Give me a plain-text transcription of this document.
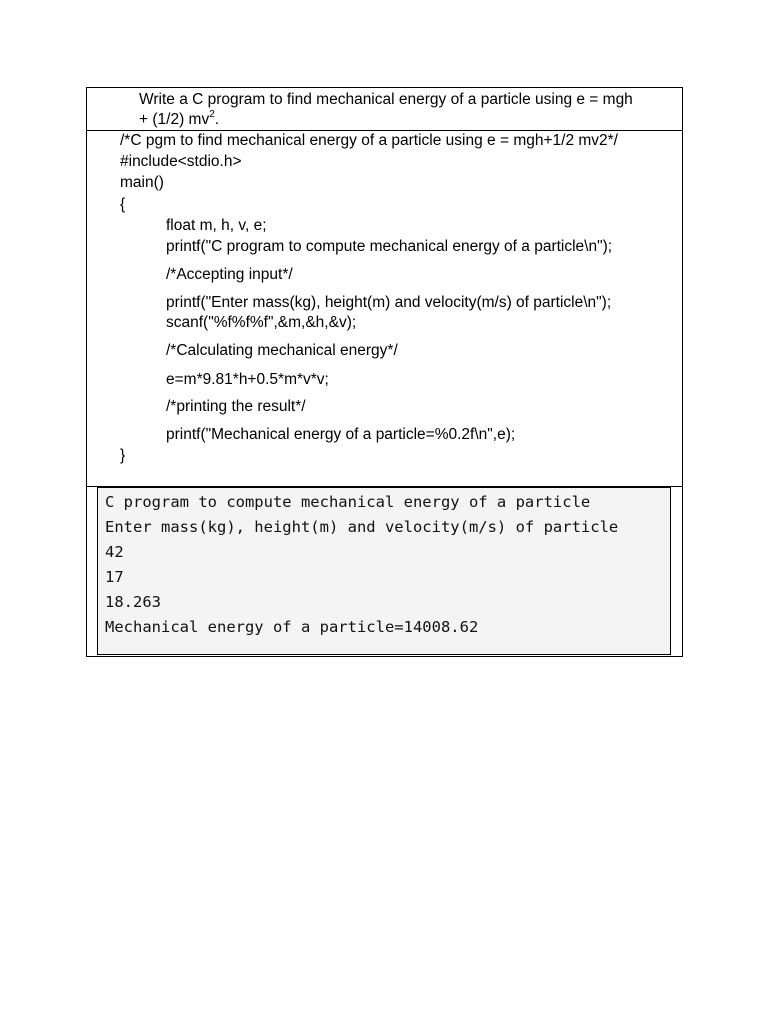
Write a C program to find mechanical energy of a particle using e = mgh
+ (1/2) $mv^2$.
/*C pgm to find mechanical energy of a particle using e = mgh+1/2 mv2*/
#include<stdio.h>
main()
{
float m, h, v, e;
printf("C program to compute mechanical energy of a particle\n");
/*Accepting input*/
printf("Enter mass(kg), height(m) and velocity(m/s) of particle\n");
scanf("%f%f%f",&m,&h,&v);
/*Calculating mechanical energy*/
e=m*9.81*h+0.5*m*v*v;
/*printing the result*/
printf("Mechanical energy of a particle=%0.2f\n",e);
}
C program to compute mechanical energy of a particle
Enter mass(kg), height(m) and velocity(m/s) of particle
42
17
18.263
Mechanical energy of a particle=14008.62
